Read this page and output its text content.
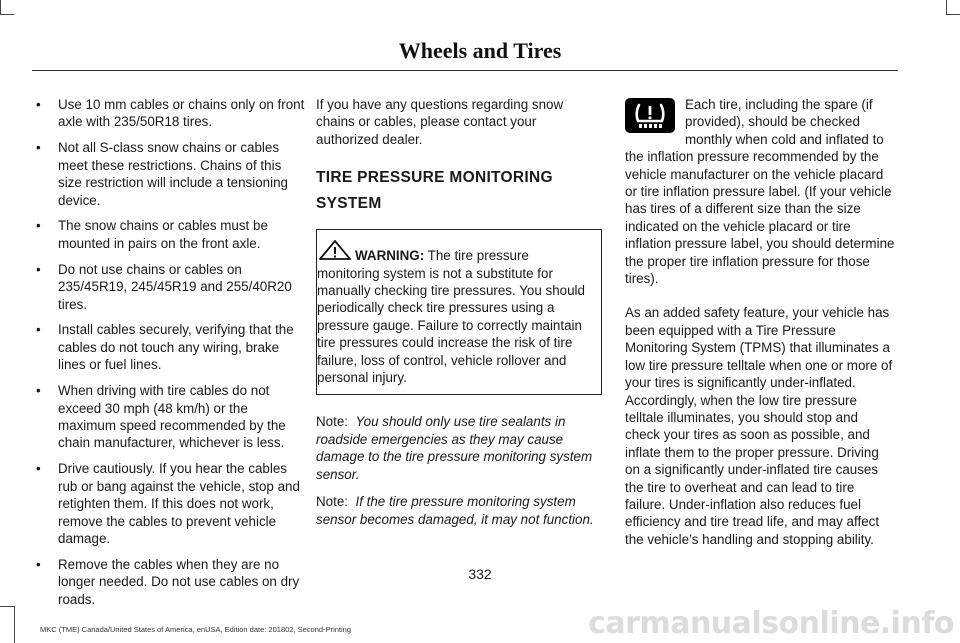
Wheels and Tires
• Use 10 mm cables or chains only on front axle with 235/50R18 tires.
• Not all S-class snow chains or cables meet these restrictions. Chains of this size restriction will include a tensioning device.
• The snow chains or cables must be mounted in pairs on the front axle.
• Do not use chains or cables on 235/45R19, 245/45R19 and 255/40R20 tires.
• Install cables securely, verifying that the cables do not touch any wiring, brake lines or fuel lines.
• When driving with tire cables do not exceed 30 mph (48 km/h) or the maximum speed recommended by the chain manufacturer, whichever is less.
• Drive cautiously. If you hear the cables rub or bang against the vehicle, stop and retighten them. If this does not work, remove the cables to prevent vehicle damage.
• Remove the cables when they are no longer needed. Do not use cables on dry roads.

If you have any questions regarding snow chains or cables, please contact your authorized dealer.

TIRE PRESSURE MONITORING
SYSTEM

WARNING: The tire pressure monitoring system is not a substitute for manually checking tire pressures. You should periodically check tire pressures using a pressure gauge. Failure to correctly maintain tire pressures could increase the risk of tire failure, loss of control, vehicle rollover and personal injury.

Note: You should only use tire sealants in roadside emergencies as they may cause damage to the tire pressure monitoring system sensor.

Note: If the tire pressure monitoring system sensor becomes damaged, it may not function.

Each tire, including the spare (if provided), should be checked monthly when cold and inflated to the inflation pressure recommended by the vehicle manufacturer on the vehicle placard or tire inflation pressure label. (If your vehicle has tires of a different size than the size indicated on the vehicle placard or tire inflation pressure label, you should determine the proper tire inflation pressure for those tires).

As an added safety feature, your vehicle has been equipped with a Tire Pressure Monitoring System (TPMS) that illuminates a low tire pressure telltale when one or more of your tires is significantly under-inflated. Accordingly, when the low tire pressure telltale illuminates, you should stop and check your tires as soon as possible, and inflate them to the proper pressure. Driving on a significantly under-inflated tire causes the tire to overheat and can lead to tire failure. Under-inflation also reduces fuel efficiency and tire tread life, and may affect the vehicle’s handling and stopping ability.

332
MKC (TME) Canada/United States of America, enUSA, Edition date: 201802, Second-Printing	carmanualsonline.info
